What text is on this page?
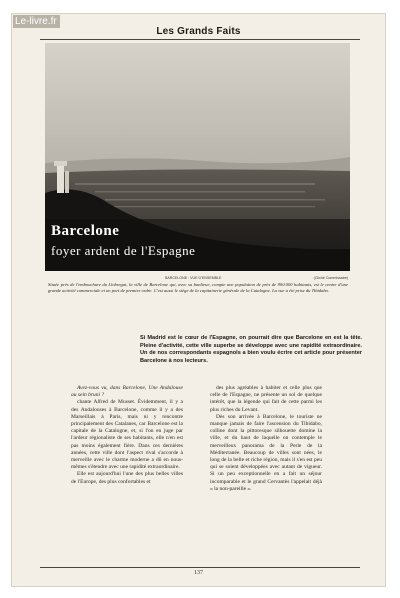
Le-livre.fr
Les Grands Faits
Barcelone
foyer ardent de l'Espagne
BARCELONE : VUE D'ENSEMBLE	(Cliché Commissaire)
Située près de l'embouchure du Llobregat, la ville de Barcelone qui, avec sa banlieue, compte une population de près de 900.000 habitants, est le centre d'une grande activité commerciale et un port de premier ordre. C'est aussi le siège de la capitainerie générale de la Catalogne. La vue a été prise du Tibidabo.
Si Madrid est le cœur de l'Espagne, on pourrait dire que Barcelone en est la tête. Pleine d'activité, cette ville superbe se développe avec une rapidité extraordinaire. Un de nos correspondants espagnols a bien voulu écrire cet article pour présenter Barcelone à nos lecteurs.

Avez-vous vu, dans Barcelone, Une Andalouse au sein bruni ?

chante Alfred de Musset. Évidemment, il y a des Andalouses à Barcelone, comme il y a des Marseillais à Paris, mais ni y rencontre principalement des Catalanes, car Barcelone est la capitale de la Catalogne, et, si l'on en juge par l'ardeur régionaliste de ses habitants, elle n'en est pas moins également fière. Dans ces dernières années, cette ville dont l'aspect rival s'accorde à merveille avec le charme moderne a dû en nous-mêmes s'étendre avec une rapidité extraordinaire.

Elle est aujourd'hui l'une des plus belles villes de l'Europe, des plus confortables et

des plus agréables à habiter et celle plus que celle de l'Espagne, ne présente un sol de quelque intérêt, que la légende qui fait de cette parmi les plus riches du Levant.

Dès son arrivée à Barcelone, le touriste ne manque jamais de faire l'ascension du Tibidabo, colline dont la pittoresque silhouette domine la ville, et du haut de laquelle on contemple le merveilleux panorama de la Perle de la Méditerranée. Beaucoup de villes sont nées, le long de la belle et riche région, mais il s'en est peu qui se soient développées avec autant de vigueur. Si un peu exceptionnelle en a fait un séjour incomparable et le grand Cervantès l'appelait déjà « la non-pareille ».

137
